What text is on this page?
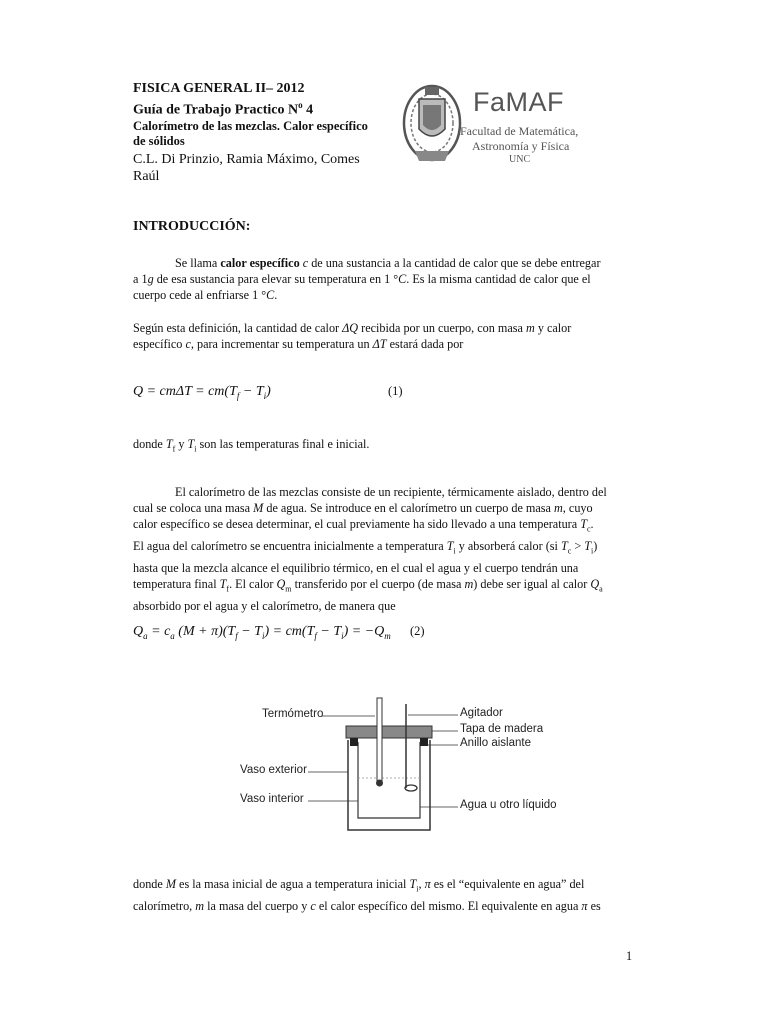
FISICA GENERAL II– 2012
Guía de Trabajo Practico $N^o$ 4
Calorímetro de las mezclas. Calor específico
de sólidos
C.L. Di Prinzio, Ramia Máximo, Comes
Raúl
FaMAF
Facultad de Matemática,
Astronomía y Física
UNC
INTRODUCCIÓN:
Se llama calor específico c de una sustancia a la cantidad de calor que se debe entregar
a 1g de esa sustancia para elevar su temperatura en 1 °C. Es la misma cantidad de calor que el
cuerpo cede al enfriarse 1 °C.
Según esta definición, la cantidad de calor ΔQ recibida por un cuerpo, con masa m y calor
específico c, para incrementar su temperatura un ΔT estará dada por
$Q = cm\Delta T = cm(T_f - T_i)$	(1)
donde $T_f$ y $T_i$ son las temperaturas final e inicial.
El calorímetro de las mezclas consiste de un recipiente, térmicamente aislado, dentro del
cual se coloca una masa M de agua. Se introduce en el calorímetro un cuerpo de masa m, cuyo
calor específico se desea determinar, el cual previamente ha sido llevado a una temperatura $T_c$.
El agua del calorímetro se encuentra inicialmente a temperatura $T_i$ y absorberá calor (si $T_c > T_i$)
hasta que la mezcla alcance el equilibrio térmico, en el cual el agua y el cuerpo tendrán una
temperatura final $T_f$. El calor $Q_m$ transferido por el cuerpo (de masa m) debe ser igual al calor $Q_a$
absorbido por el agua y el calorímetro, de manera que
$Q_a = c_a$ $(M + \pi)(T_f - T_i) = cm(T_f - T_i) = -Q_m$ (2)
Termómetro	Agitador
Tapa de madera
Anillo aislante
Vaso exterior
Vaso interior	Agua u otro líquido
donde M es la masa inicial de agua a temperatura inicial $T_i$, π es el “equivalente en agua” del
calorímetro, m la masa del cuerpo y c el calor específico del mismo. El equivalente en agua π es
1
